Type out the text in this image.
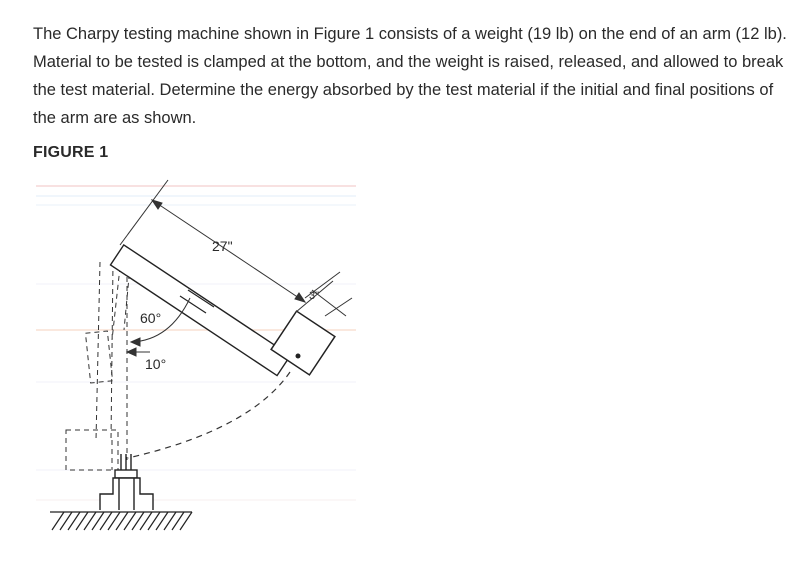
The Charpy testing machine shown in Figure 1 consists of a weight (19 lb) on the end of an arm (12 lb). Material to be tested is clamped at the bottom, and the weight is raised, released, and allowed to break the test material. Determine the energy absorbed by the test material if the initial and final positions of the arm are as shown.

FIGURE 1

27"
3"
60°
10°
